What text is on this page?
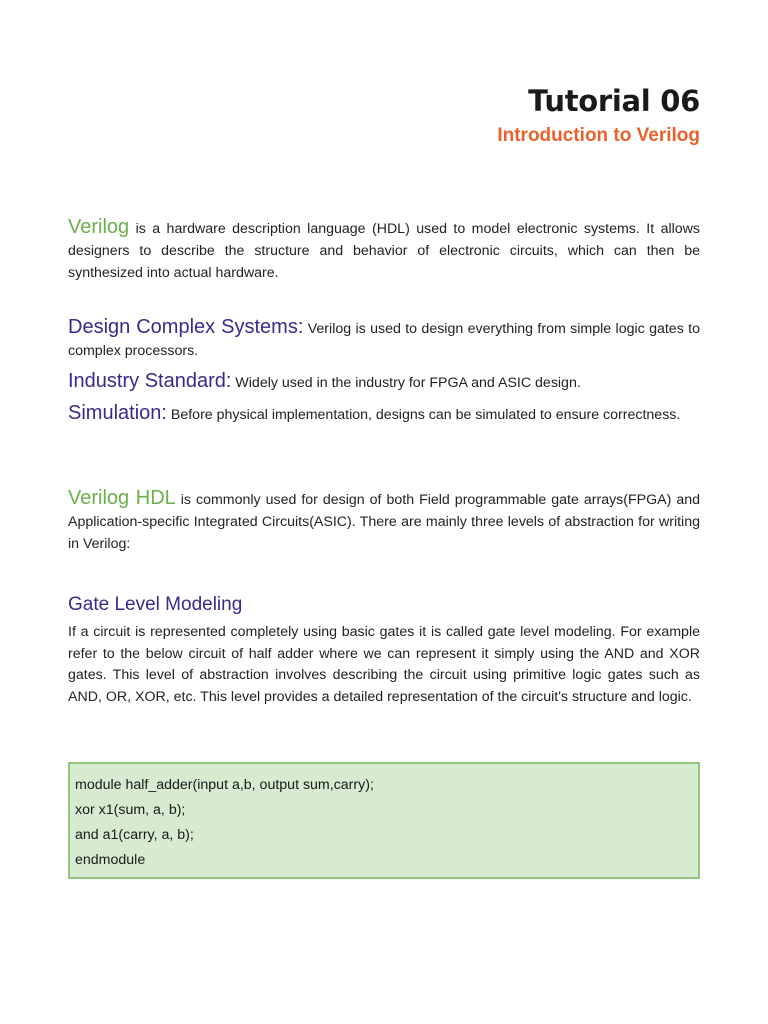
Tutorial 06
Introduction to Verilog

Verilog is a hardware description language (HDL) used to model electronic systems. It allows designers to describe the structure and behavior of electronic circuits, which can then be synthesized into actual hardware.

Design Complex Systems: Verilog is used to design everything from simple logic gates to complex processors.

Industry Standard: Widely used in the industry for FPGA and ASIC design.

Simulation: Before physical implementation, designs can be simulated to ensure correctness.

Verilog HDL is commonly used for design of both Field programmable gate arrays(FPGA) and Application-specific Integrated Circuits(ASIC). There are mainly three levels of abstraction for writing in Verilog:

Gate Level Modeling

If a circuit is represented completely using basic gates it is called gate level modeling. For example refer to the below circuit of half adder where we can represent it simply using the AND and XOR gates. This level of abstraction involves describing the circuit using primitive logic gates such as AND, OR, XOR, etc. This level provides a detailed representation of the circuit's structure and logic.

module half_adder(input a,b, output sum,carry);
xor x1(sum, a, b);
and a1(carry, a, b);
endmodule
